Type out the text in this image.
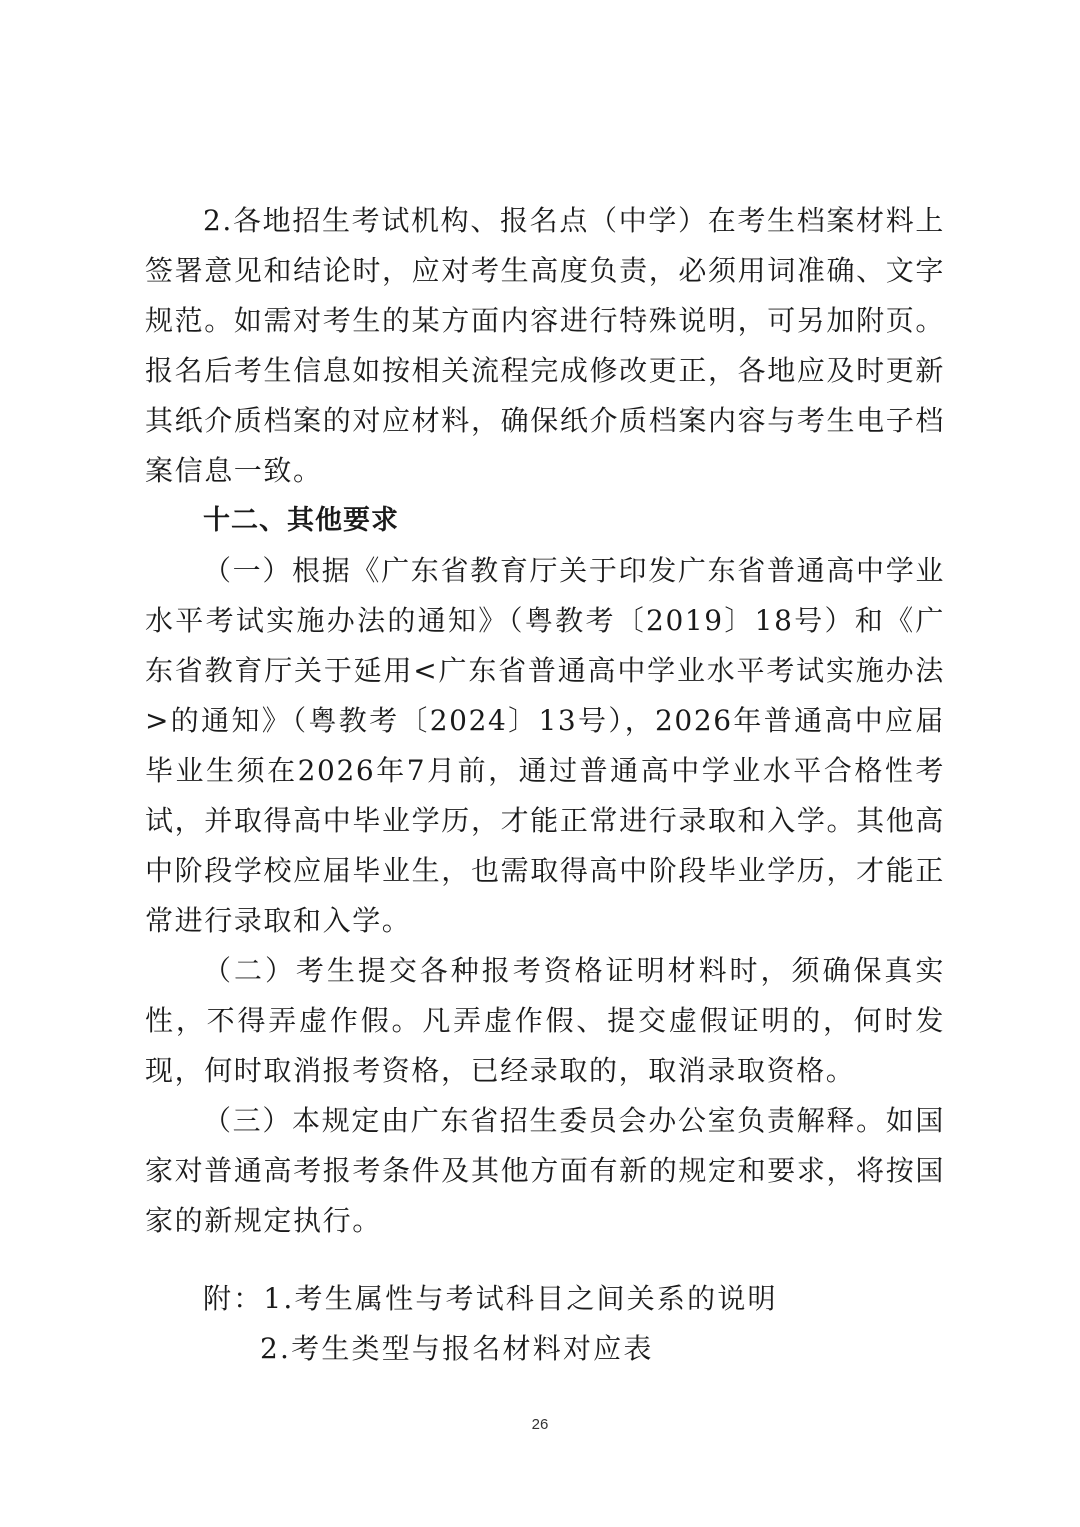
2.各地招生考试机构、报名点（中学）在考生档案材料上签署意见和结论时，应对考生高度负责，必须用词准确、文字规范。如需对考生的某方面内容进行特殊说明，可另加附页。报名后考生信息如按相关流程完成修改更正，各地应及时更新其纸介质档案的对应材料，确保纸介质档案内容与考生电子档案信息一致。

十二、其他要求

（一）根据《广东省教育厅关于印发广东省普通高中学业水平考试实施办法的通知》（粤教考〔2019〕18号）和《广东省教育厅关于延用<广东省普通高中学业水平考试实施办法>的通知》（粤教考〔2024〕13号），2026年普通高中应届毕业生须在2026年7月前，通过普通高中学业水平合格性考试，并取得高中毕业学历，才能正常进行录取和入学。其他高中阶段学校应届毕业生，也需取得高中阶段毕业学历，才能正常进行录取和入学。

（二）考生提交各种报考资格证明材料时，须确保真实性，不得弄虚作假。凡弄虚作假、提交虚假证明的，何时发现，何时取消报考资格，已经录取的，取消录取资格。

（三）本规定由广东省招生委员会办公室负责解释。如国家对普通高考报考条件及其他方面有新的规定和要求，将按国家的新规定执行。

附：1.考生属性与考试科目之间关系的说明

2.考生类型与报名材料对应表

26
